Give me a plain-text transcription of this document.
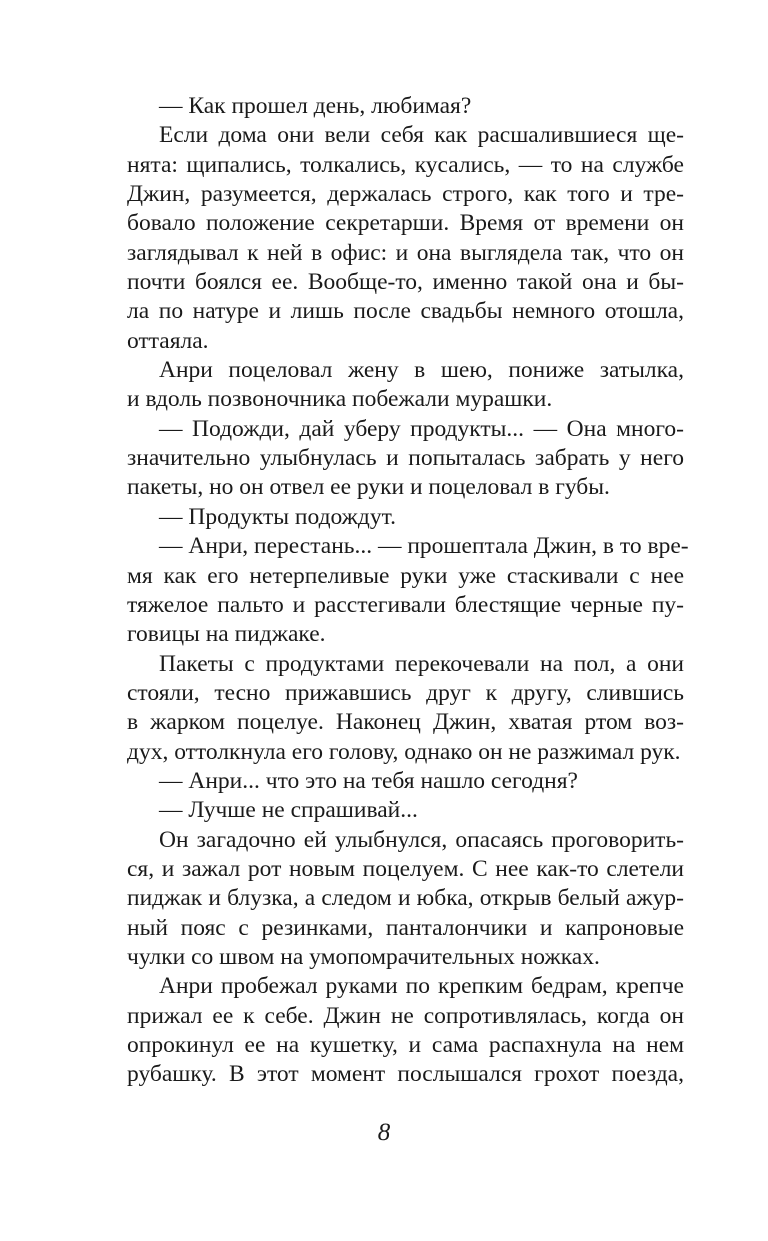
— Как прошел день, любимая?
Если дома они вели себя как расшалившиеся ще-
нята: щипались, толкались, кусались, — то на службе
Джин, разумеется, держалась строго, как того и тре-
бовало положение секретарши. Время от времени он
заглядывал к ней в офис: и она выглядела так, что он
почти боялся ее. Вообще-то, именно такой она и бы-
ла по натуре и лишь после свадьбы немного отошла,
оттаяла.
Анри поцеловал жену в шею, пониже затылка,
и вдоль позвоночника побежали мурашки.
— Подожди, дай уберу продукты... — Она много-
значительно улыбнулась и попыталась забрать у него
пакеты, но он отвел ее руки и поцеловал в губы.
— Продукты подождут.
— Анри, перестань... — прошептала Джин, в то вре-
мя как его нетерпеливые руки уже стаскивали с нее
тяжелое пальто и расстегивали блестящие черные пу-
говицы на пиджаке.
Пакеты с продуктами перекочевали на пол, а они
стояли, тесно прижавшись друг к другу, слившись
в жарком поцелуе. Наконец Джин, хватая ртом воз-
дух, оттолкнула его голову, однако он не разжимал рук.
— Анри... что это на тебя нашло сегодня?
— Лучше не спрашивай...
Он загадочно ей улыбнулся, опасаясь проговорить-
ся, и зажал рот новым поцелуем. С нее как-то слетели
пиджак и блузка, а следом и юбка, открыв белый ажур-
ный пояс с резинками, панталончики и капроновые
чулки со швом на умопомрачительных ножках.
Анри пробежал руками по крепким бедрам, крепче
прижал ее к себе. Джин не сопротивлялась, когда он
опрокинул ее на кушетку, и сама распахнула на нем
рубашку. В этот момент послышался грохот поезда,
8
